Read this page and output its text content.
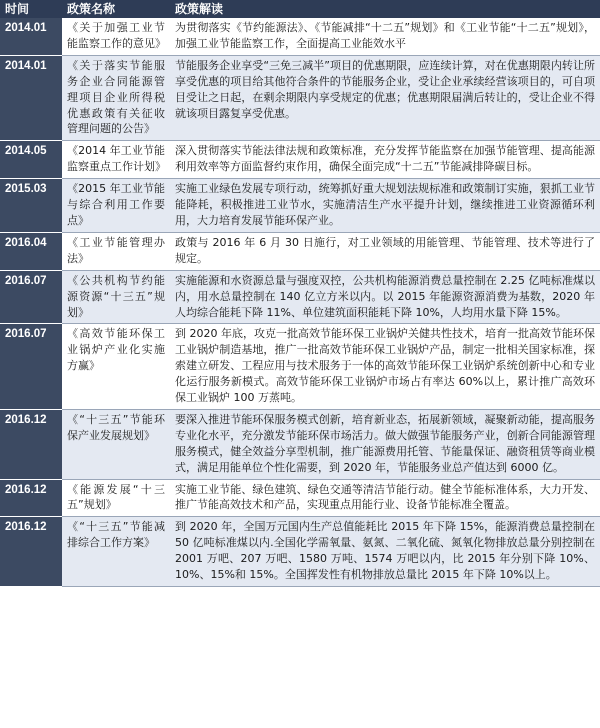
时间	政策名称	政策解读
2014.01	《关于加强工业节能监察工作的意见》	为贯彻落实《节约能源法》、《节能减排“十二五”规划》和《工业节能“十二五”规划》，加强工业节能监察工作，全面提高工业能效水平
2014.01	《关于落实节能服务企业合同能源管理项目企业所得税优惠政策有关征收管理问题的公告》	节能服务企业享受“三免三减半”项目的优惠期限，应连续计算，对在优惠期限内转让所享受优惠的项目给其他符合条件的节能服务企业，受让企业承续经营该项目的，可自项目受让之日起，在剩余期限内享受规定的优惠；优惠期限届满后转让的，受让企业不得就该项目露复享受优惠。
2014.05	《2014 年工业节能监察重点工作计划》	深入贯彻落实节能法律法规和政策标准，充分发挥节能监察在加强节能管理、提高能源利用效率等方面监督约束作用，确保全面完成“十二五”节能减排降碳目标。
2015.03	《2015 年工业节能与综合利用工作要点》	实施工业绿色发展专项行动，统筹抓好重大规划法规标准和政策制订实施，狠抓工业节能降耗，积极推进工业节水，实施清洁生产水平提升计划，继续推进工业资源循环利用，大力培育发展节能环保产业。
2016.04	《工业节能管理办法》	政策与 2016 年 6 月 30 日施行，对工业领域的用能管理、节能管理、技术等进行了规定。
2016.07	《公共机构节约能源资源“十三五”规划》	实施能源和水资源总量与强度双控，公共机构能源消费总量控制在 2.25 亿吨标准煤以内，用水总量控制在 140 亿立方米以内。以 2015 年能源资源消费为基数，2020 年人均综合能耗下降 11%、单位建筑面积能耗下降 10%，人均用水量下降 15%。
2016.07	《高效节能环保工业锅炉产业化实施方赢》	到 2020 年底，攻克一批高效节能环保工业锅炉关健共性技术，培育一批高效节能环保工业锅炉制造基地，推广一批高效节能环保工业锅炉产品，制定一批相关国家标准，探索建立研发、工程应用与技术服务于一体的高效节能环保工业锅炉系统创新中心和专业化运行服务新模式。高效节能环保工业锅炉市场占有率达 60%以上，累计推广高效环保工业锅炉 100 万蒸吨。
2016.12	《“十三五”节能环保产业发展规划》	要深入推进节能环保服务模式创新，培育新业态，拓展新领域，凝聚新动能，提高服务专业化水平，充分激发节能环保市场活力。做大做强节能服务产业，创新合同能源管理服务模式，健全效益分享型机制，推广能源费用托管、节能量保证、融资租赁等商业模式，满足用能单位个性化需要，到 2020 年，节能服务业总产值达到 6000 亿。
2016.12	《能源发展“十三五”规划》	实施工业节能、绿色建筑、绿色交通等清洁节能行动。健全节能标准体系，大力开发、推广节能高效技术和产品，实现重点用能行业、设备节能标准全覆盖。
2016.12	《“十三五”节能减排综合工作方案》	到 2020 年，全国万元国内生产总值能耗比 2015 年下降 15%，能源消费总量控制在 50 亿吨标准煤以内.全国化学需氧量、氨氮、二氧化硫、氮氧化物排放总量分别控制在 2001 万吧、207 万吧、1580 万吨、1574 万吧以内，比 2015 年分别下降 10%、10%、15%和 15%。全国挥发性有机物排放总量比 2015 年下降 10%以上。
